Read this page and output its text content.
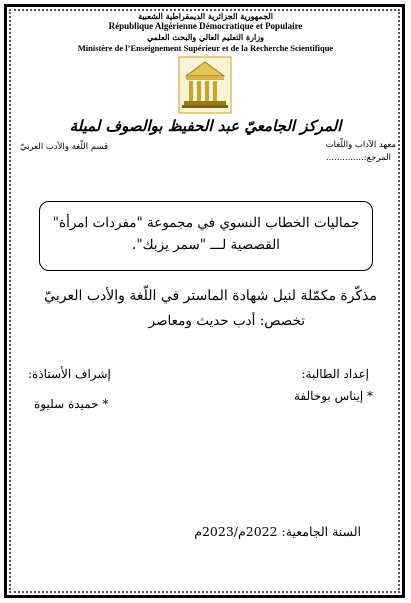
الجمهورية الجزائرية الديمقراطية الشعبية
République Algérienne Démocratique et Populaire
وزارة التعليم العالي والبحث العلمي
Ministère de l’Enseignement Supérieur et de la Recherche Scientifique
المركز الجامعيّ عبد الحفيظ بوالصوف لميلة
معهد الآداب واللّغات
قسم اللّغة والأدب العربيّ
المرجع:..............
جماليات الخطاب النسوي في مجموعة "مفردات امرأة"
القصصية لـــ "سمر يزبك".
مذكّرة مكمّلة لنيل شهادة الماستر في اللّغة والأدب العربيّ
تخصص: أدب حديث ومعاصر
إعداد الطالبة:
إشراف الأستاذة:
* إيناس بوخالفة
* حميدة سليوة
السنة الجامعية: 2022م/2023م
